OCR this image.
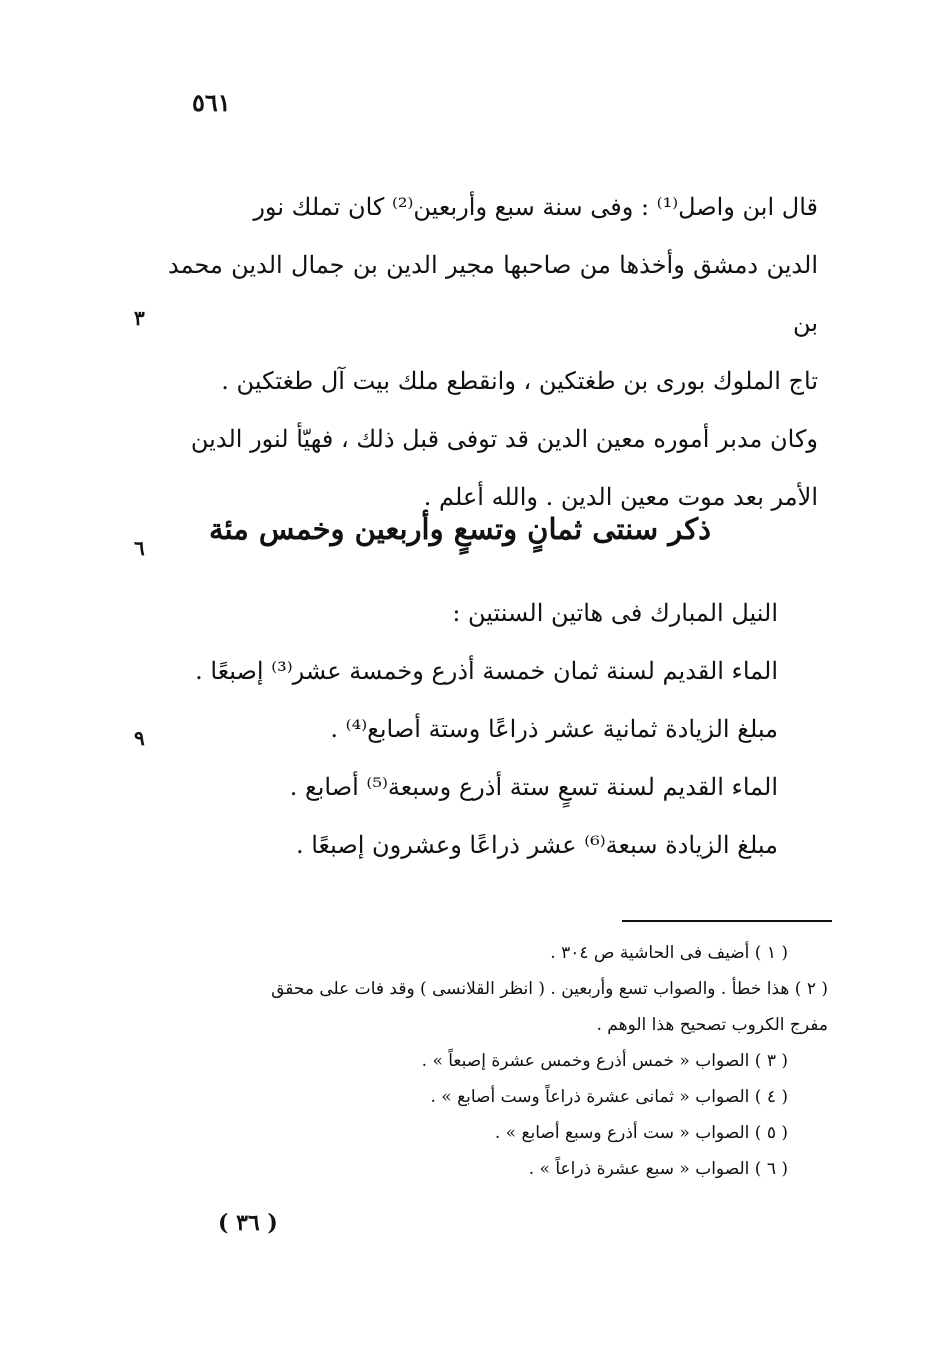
٥٦١
٣
٦
٩

قال ابن واصل⁽¹⁾ : وفى سنة سبع وأربعين⁽²⁾ كان تملك نور

الدين دمشق وأخذها من صاحبها مجير الدين بن جمال الدين محمد بن

تاج الملوك بورى بن طغتكين ، وانقطع ملك بيت آل طغتكين .

وكان مدبر أموره معين الدين قد توفى قبل ذلك ، فهيّأ لنور الدين

الأمر بعد موت معين الدين . والله أعلم .

ذكر سنتى ثمانٍ وتسعٍ وأربعين وخمس مئة
النيل المبارك فى هاتين السنتين :
الماء القديم لسنة ثمان خمسة أذرع وخمسة عشر⁽³⁾ إصبعًا .
مبلغ الزيادة ثمانية عشر ذراعًا وستة أصابع⁽⁴⁾ .
الماء القديم لسنة تسعٍ ستة أذرع وسبعة⁽⁵⁾ أصابع .
مبلغ الزيادة سبعة⁽⁶⁾ عشر ذراعًا وعشرون إصبعًا .
( ١ ) أضيف فى الحاشية ص ٣٠٤ .
( ٢ ) هذا خطأ . والصواب تسع وأربعين . ( انظر القلانسى ) وقد فات على محقق
مفرج الكروب تصحيح هذا الوهم .
( ٣ ) الصواب « خمس أذرع وخمس عشرة إصبعاً » .
( ٤ ) الصواب « ثمانى عشرة ذراعاً وست أصابع » .
( ٥ ) الصواب « ست أذرع وسبع أصابع » .
( ٦ ) الصواب « سبع عشرة ذراعاً » .
( ٣٦ )
